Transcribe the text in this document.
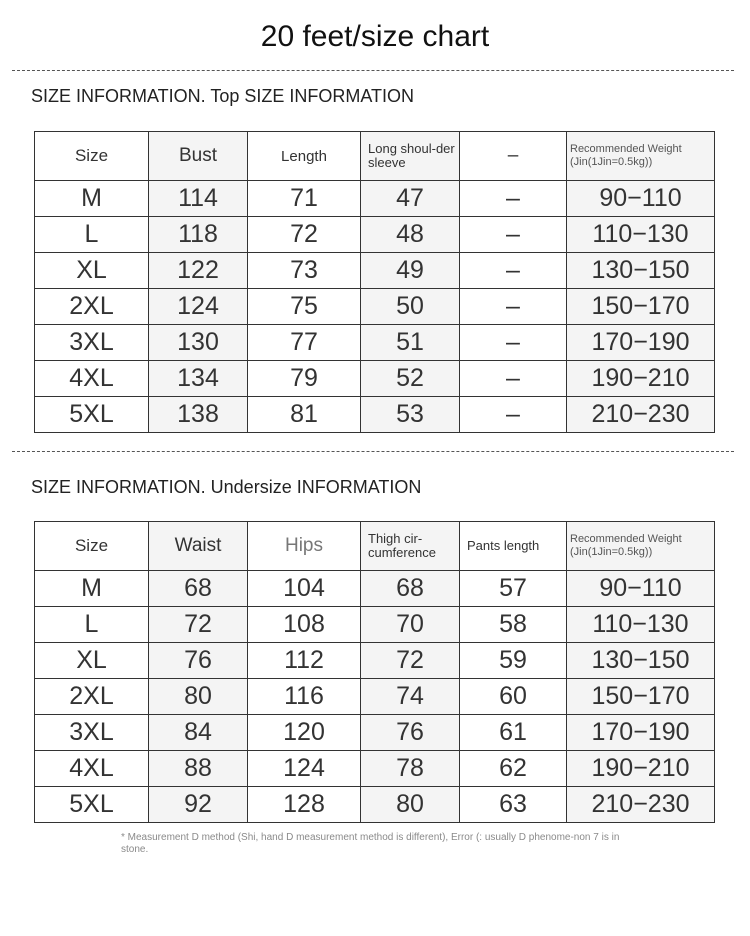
20 feet/size chart
SIZE INFORMATION. Top SIZE INFORMATION
Size	Bust	Length	Long shoul-der sleeve	–	Recommended Weight (Jin(1Jin=0.5kg))
M	114	71	47	–	90−110
L	118	72	48	–	110−130
XL	122	73	49	–	130−150
2XL	124	75	50	–	150−170
3XL	130	77	51	–	170−190
4XL	134	79	52	–	190−210
5XL	138	81	53	–	210−230
SIZE INFORMATION. Undersize INFORMATION
Size	Waist	Hips	Thigh cir-cumference	Pants length	Recommended Weight (Jin(1Jin=0.5kg))
M	68	104	68	57	90−110
L	72	108	70	58	110−130
XL	76	112	72	59	130−150
2XL	80	116	74	60	150−170
3XL	84	120	76	61	170−190
4XL	88	124	78	62	190−210
5XL	92	128	80	63	210−230
* Measurement D method (Shi, hand D measurement method is different), Error (: usually D phenome-non 7 is in stone.
